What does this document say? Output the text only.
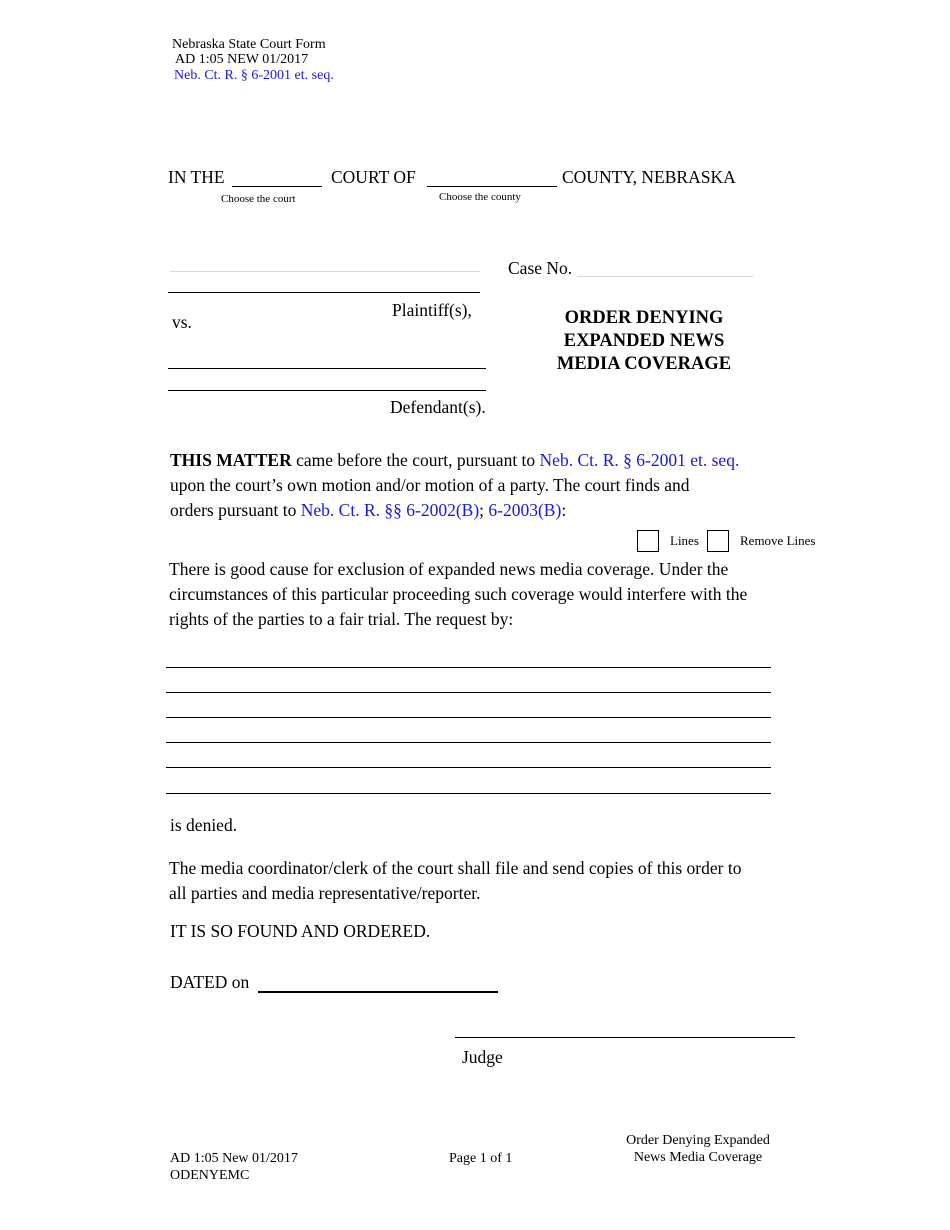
Nebraska State Court Form
AD 1:05 NEW 01/2017
Neb. Ct. R. § 6-2001 et. seq.
IN THE	COURT OF	COUNTY, NEBRASKA
Choose the court	Choose the county
Plaintiff(s),
vs.
Defendant(s).
Case No.
ORDER DENYING
EXPANDED NEWS
MEDIA COVERAGE
THIS MATTER came before the court, pursuant to Neb. Ct. R. § 6-2001 et. seq.
upon the court’s own motion and/or motion of a party. The court finds and
orders pursuant to Neb. Ct. R. §§ 6-2002(B); 6-2003(B):
Lines	Remove Lines
There is good cause for exclusion of expanded news media coverage. Under the
circumstances of this particular proceeding such coverage would interfere with the
rights of the parties to a fair trial. The request by:
is denied.
The media coordinator/clerk of the court shall file and send copies of this order to
all parties and media representative/reporter.
IT IS SO FOUND AND ORDERED.
DATED on
Judge
AD 1:05 New 01/2017
ODENYEMC
Page 1 of 1
Order Denying Expanded
News Media Coverage
